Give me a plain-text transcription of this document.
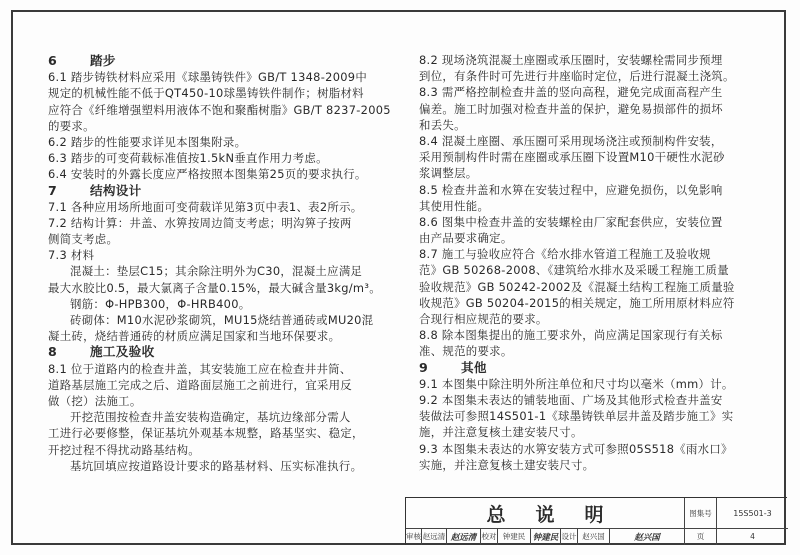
6	踏步
6.1 踏步铸铁材料应采用《球墨铸铁件》GB/T 1348-2009中
规定的机械性能不低于QT450-10球墨铸铁件制作；树脂材料
应符合《纤维增强塑料用液体不饱和聚酯树脂》GB/T 8237-2005
的要求。
6.2 踏步的性能要求详见本图集附录。
6.3 踏步的可变荷载标准值按1.5kN垂直作用力考虑。
6.4 安装时的外露长度应严格按照本图集第25页的要求执行。
7	结构设计
7.1 各种应用场所地面可变荷载详见第3页中表1、表2所示。
7.2 结构计算：井盖、水箅按周边简支考虑；明沟箅子按两
侧简支考虑。
7.3 材料
混凝土：垫层C15；其余除注明外为C30，混凝土应满足
最大水胶比0.5，最大氯离子含量0.15%，最大碱含量3kg/m³。
钢筋：Φ-HPB300，Φ-HRB400。
砖砌体：M10水泥砂浆砌筑，MU15烧结普通砖或MU20混
凝土砖，烧结普通砖的材质应满足国家和当地环保要求。
8	施工及验收
8.1 位于道路内的检查井盖，其安装施工应在检查井井筒、
道路基层施工完成之后、道路面层施工之前进行，宜采用反
做（挖）法施工。
开挖范围按检查井盖安装构造确定，基坑边缘部分需人
工进行必要修整，保证基坑外观基本规整，路基坚实、稳定，
开挖过程不得扰动路基结构。
基坑回填应按道路设计要求的路基材料、压实标准执行。
8.2 现场浇筑混凝土座圈或承压圈时，安装螺栓需同步预埋
到位，有条件时可先进行井座临时定位，后进行混凝土浇筑。
8.3 需严格控制检查井盖的竖向高程，避免完成面高程产生
偏差。施工时加强对检查井盖的保护，避免易损部件的损坏
和丢失。
8.4 混凝土座圈、承压圈可采用现场浇注或预制构件安装，
采用预制构件时需在座圈或承压圈下设置M10干硬性水泥砂
浆调整层。
8.5 检查井盖和水箅在安装过程中，应避免损伤，以免影响
其使用性能。
8.6 图集中检查井盖的安装螺栓由厂家配套供应，安装位置
由产品要求确定。
8.7 施工与验收应符合《给水排水管道工程施工及验收规
范》GB 50268-2008、《建筑给水排水及采暖工程施工质量
验收规范》GB 50242-2002及《混凝土结构工程施工质量验
收规范》GB 50204-2015的相关规定，施工所用原材料应符
合现行相应规范的要求。
8.8 除本图集提出的施工要求外，尚应满足国家现行有关标
准、规范的要求。
9	其他
9.1 本图集中除注明外所注单位和尺寸均以毫米（mm）计。
9.2 本图集未表达的铺装地面、广场及其他形式检查井盖安
装做法可参照14S501-1《球墨铸铁单层井盖及踏步施工》实
施，并注意复核土建安装尺寸。
9.3 本图集未表达的水箅安装方式可参照05S518《雨水口》
实施，并注意复核土建安装尺寸。
总说明	图集号	15S501-3
审核 赵远清 赵远清 校对 钟建民 钟建民 设计 赵兴国	赵兴国	页	4
